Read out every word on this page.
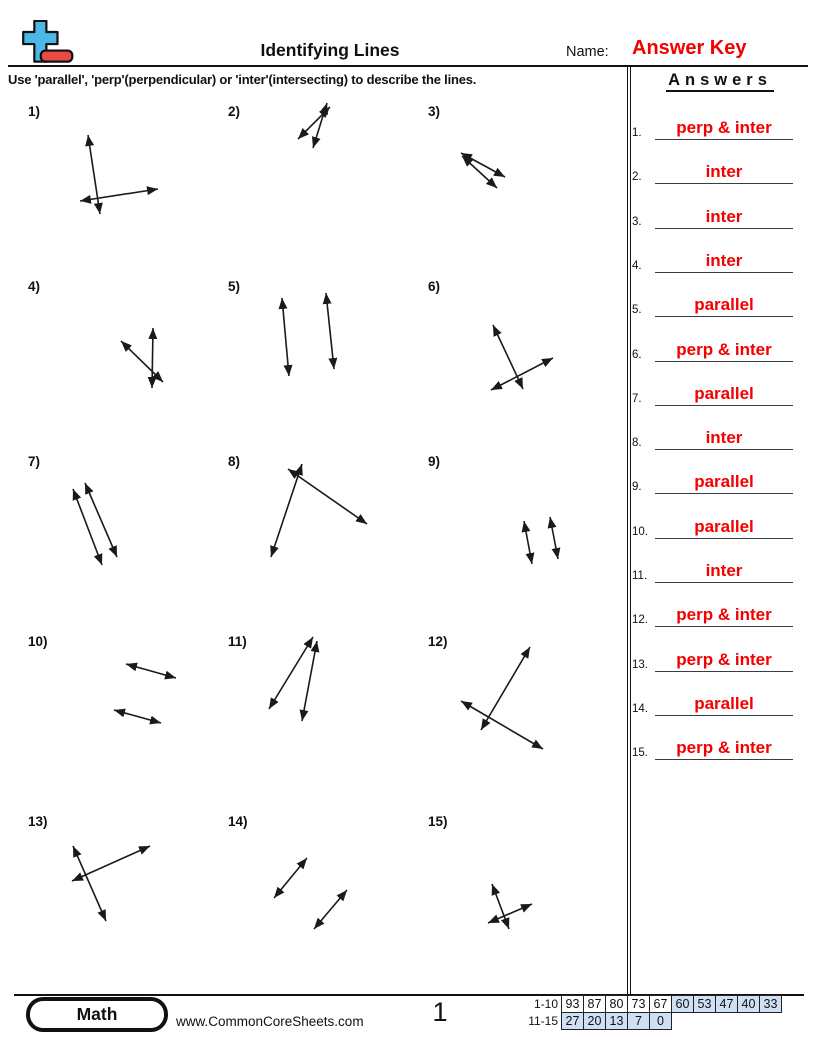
Identifying Lines	Name: Answer Key
Use 'parallel', 'perp'(perpendicular) or 'inter'(intersecting) to describe the lines.
1)	2)	3)
4)	5)	6)
7)	8)	9)
10)	11)	12)
13)	14)	15)
Answers
1.	perp & inter
2.	inter
3.	inter
4.	inter
5.	parallel
6.	perp & inter
7.	parallel
8.	inter
9.	parallel
10.	parallel
11.	inter
12.	perp & inter
13.	perp & inter
14.	parallel
15.	perp & inter
Math	www.CommonCoreSheets.com	1	1-10 93 87 80 73 67 60 53 47 40 33
11-15 27 20 13 7	0
